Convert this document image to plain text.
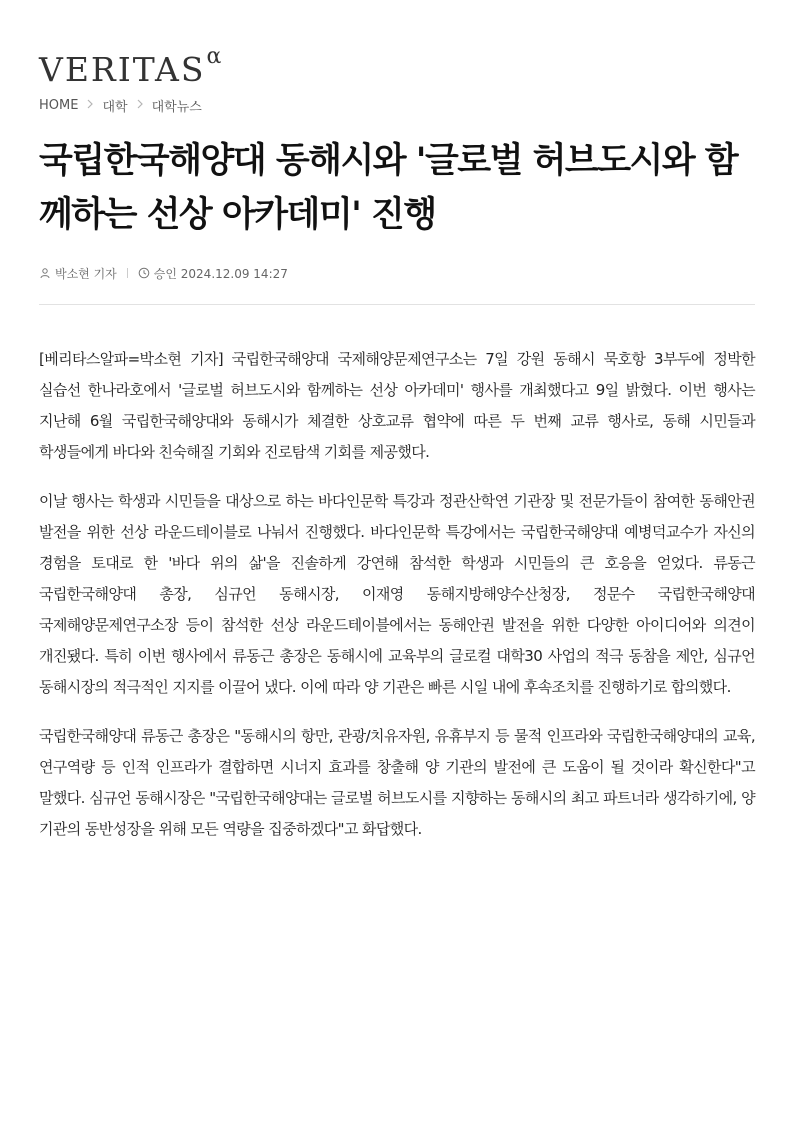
VERITAS α
HOME 대학 대학뉴스
국립한국해양대 동해시와 '글로벌 허브도시와 함께하는 선상 아카데미' 진행
박소현 기자	승인 2024.12.09 14:27

[베리타스알파=박소현 기자] 국립한국해양대 국제해양문제연구소는 7일 강원 동해시 묵호항 3부두에 정박한 실습선 한나라호에서 '글로벌 허브도시와 함께하는 선상 아카데미' 행사를 개최했다고 9일 밝혔다. 이번 행사는 지난해 6월 국립한국해양대와 동해시가 체결한 상호교류 협약에 따른 두 번째 교류 행사로, 동해 시민들과 학생들에게 바다와 친숙해질 기회와 진로탐색 기회를 제공했다.

이날 행사는 학생과 시민들을 대상으로 하는 바다인문학 특강과 정관산학연 기관장 및 전문가들이 참여한 동해안권 발전을 위한 선상 라운드테이블로 나눠서 진행했다. 바다인문학 특강에서는 국립한국해양대 예병덕교수가 자신의 경험을 토대로 한 '바다 위의 삶'을 진솔하게 강연해 참석한 학생과 시민들의 큰 호응을 얻었다. 류동근 국립한국해양대 총장, 심규언 동해시장, 이재영 동해지방해양수산청장, 정문수 국립한국해양대 국제해양문제연구소장 등이 참석한 선상 라운드테이블에서는 동해안권 발전을 위한 다양한 아이디어와 의견이 개진됐다. 특히 이번 행사에서 류동근 총장은 동해시에 교육부의 글로컬 대학30 사업의 적극 동참을 제안, 심규언 동해시장의 적극적인 지지를 이끌어 냈다. 이에 따라 양 기관은 빠른 시일 내에 후속조치를 진행하기로 합의했다.

국립한국해양대 류동근 총장은 "동해시의 항만, 관광/치유자원, 유휴부지 등 물적 인프라와 국립한국해양대의 교육, 연구역량 등 인적 인프라가 결합하면 시너지 효과를 창출해 양 기관의 발전에 큰 도움이 될 것이라 확신한다"고 말했다. 심규언 동해시장은 "국립한국해양대는 글로벌 허브도시를 지향하는 동해시의 최고 파트너라 생각하기에, 양 기관의 동반성장을 위해 모든 역량을 집중하겠다"고 화답했다.
